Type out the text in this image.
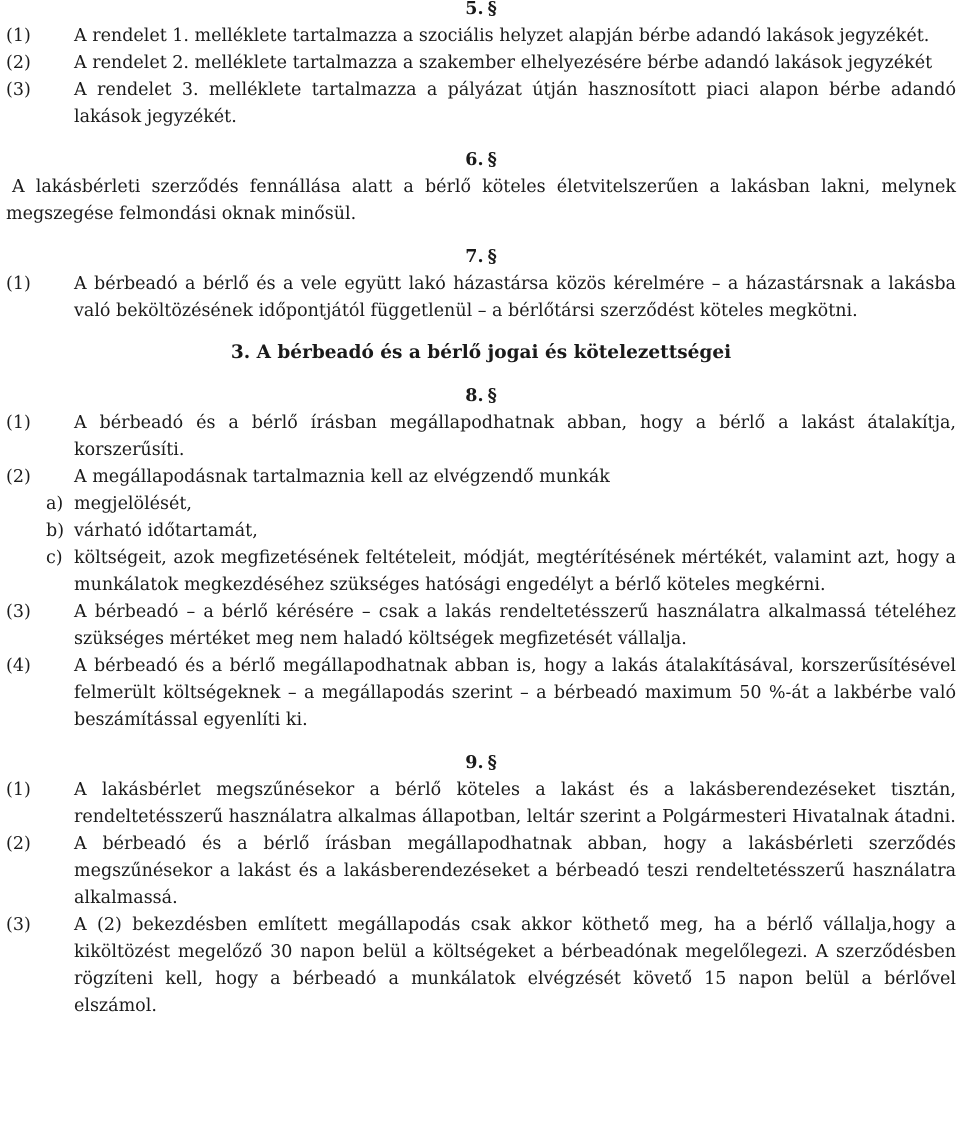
5. §

(1)	A rendelet 1. melléklete tartalmazza a szociális helyzet alapján bérbe adandó lakások jegyzékét.
(2)	A rendelet 2. melléklete tartalmazza a szakember elhelyezésére bérbe adandó lakások jegyzékét
(3)	A rendelet 3. melléklete tartalmazza a pályázat útján hasznosított piaci alapon bérbe adandó lakások jegyzékét.

6. §

A lakásbérleti szerződés fennállása alatt a bérlő köteles életvitelszerűen a lakásban lakni, melynek megszegése felmondási oknak minősül.

7. §

(1)	A bérbeadó a bérlő és a vele együtt lakó házastársa közös kérelmére – a házastársnak a lakásba való beköltözésének időpontjától függetlenül – a bérlőtársi szerződést köteles megkötni.

3. A bérbeadó és a bérlő jogai és kötelezettségei

8. §

(1)	A bérbeadó és a bérlő írásban megállapodhatnak abban, hogy a bérlő a lakást átalakítja, korszerűsíti.
(2)	A megállapodásnak tartalmaznia kell az elvégzendő munkák
a) megjelölését,
b) várható időtartamát,
c) költségeit, azok megfizetésének feltételeit, módját, megtérítésének mértékét, valamint azt, hogy a munkálatok megkezdéséhez szükséges hatósági engedélyt a bérlő köteles megkérni.
(3)	A bérbeadó – a bérlő kérésére – csak a lakás rendeltetésszerű használatra alkalmassá tételéhez szükséges mértéket meg nem haladó költségek megfizetését vállalja.
(4)	A bérbeadó és a bérlő megállapodhatnak abban is, hogy a lakás átalakításával, korszerűsítésével felmerült költségeknek – a megállapodás szerint – a bérbeadó maximum 50 %-át a lakbérbe való beszámítással egyenlíti ki.

9. §

(1)	A lakásbérlet megszűnésekor a bérlő köteles a lakást és a lakásberendezéseket tisztán, rendeltetésszerű használatra alkalmas állapotban, leltár szerint a Polgármesteri Hivatalnak átadni.
(2)	A bérbeadó és a bérlő írásban megállapodhatnak abban, hogy a lakásbérleti szerződés megszűnésekor a lakást és a lakásberendezéseket a bérbeadó teszi rendeltetésszerű használatra alkalmassá.
(3)	A (2) bekezdésben említett megállapodás csak akkor köthető meg, ha a bérlő vállalja,hogy a kiköltözést megelőző 30 napon belül a költségeket a bérbeadónak megelőlegezi. A szerződésben rögzíteni kell, hogy a bérbeadó a munkálatok elvégzését követő 15 napon belül a bérlővel elszámol.
